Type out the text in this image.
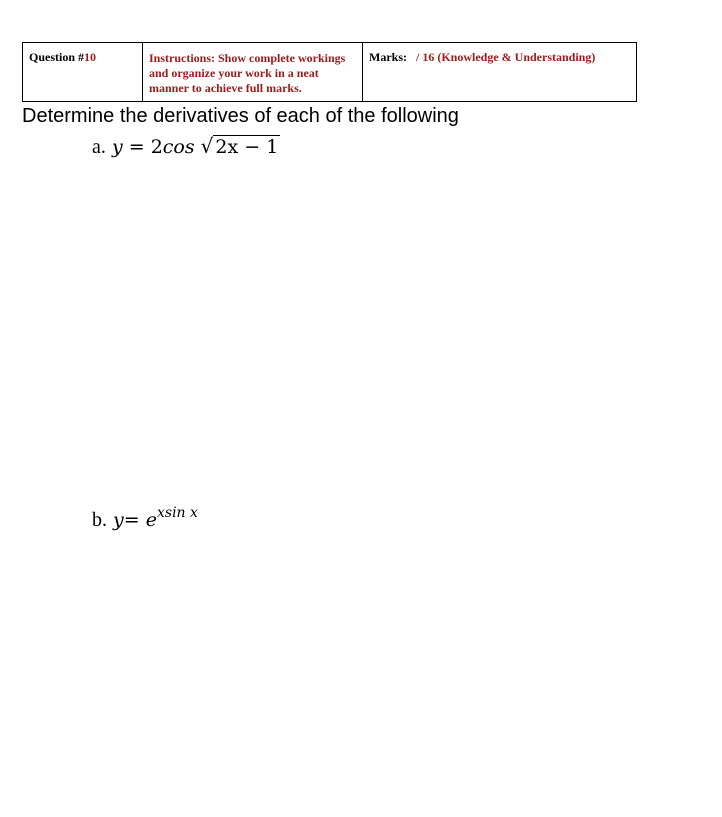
Question #10	Instructions: Show complete workings and organize your work in a neat manner to achieve full marks.
Marks: / 16 (Knowledge & Understanding)
Determine the derivatives of each of the following
a. y = 2cos √ 2x − 1
b. $y= e^{xsin x}$
